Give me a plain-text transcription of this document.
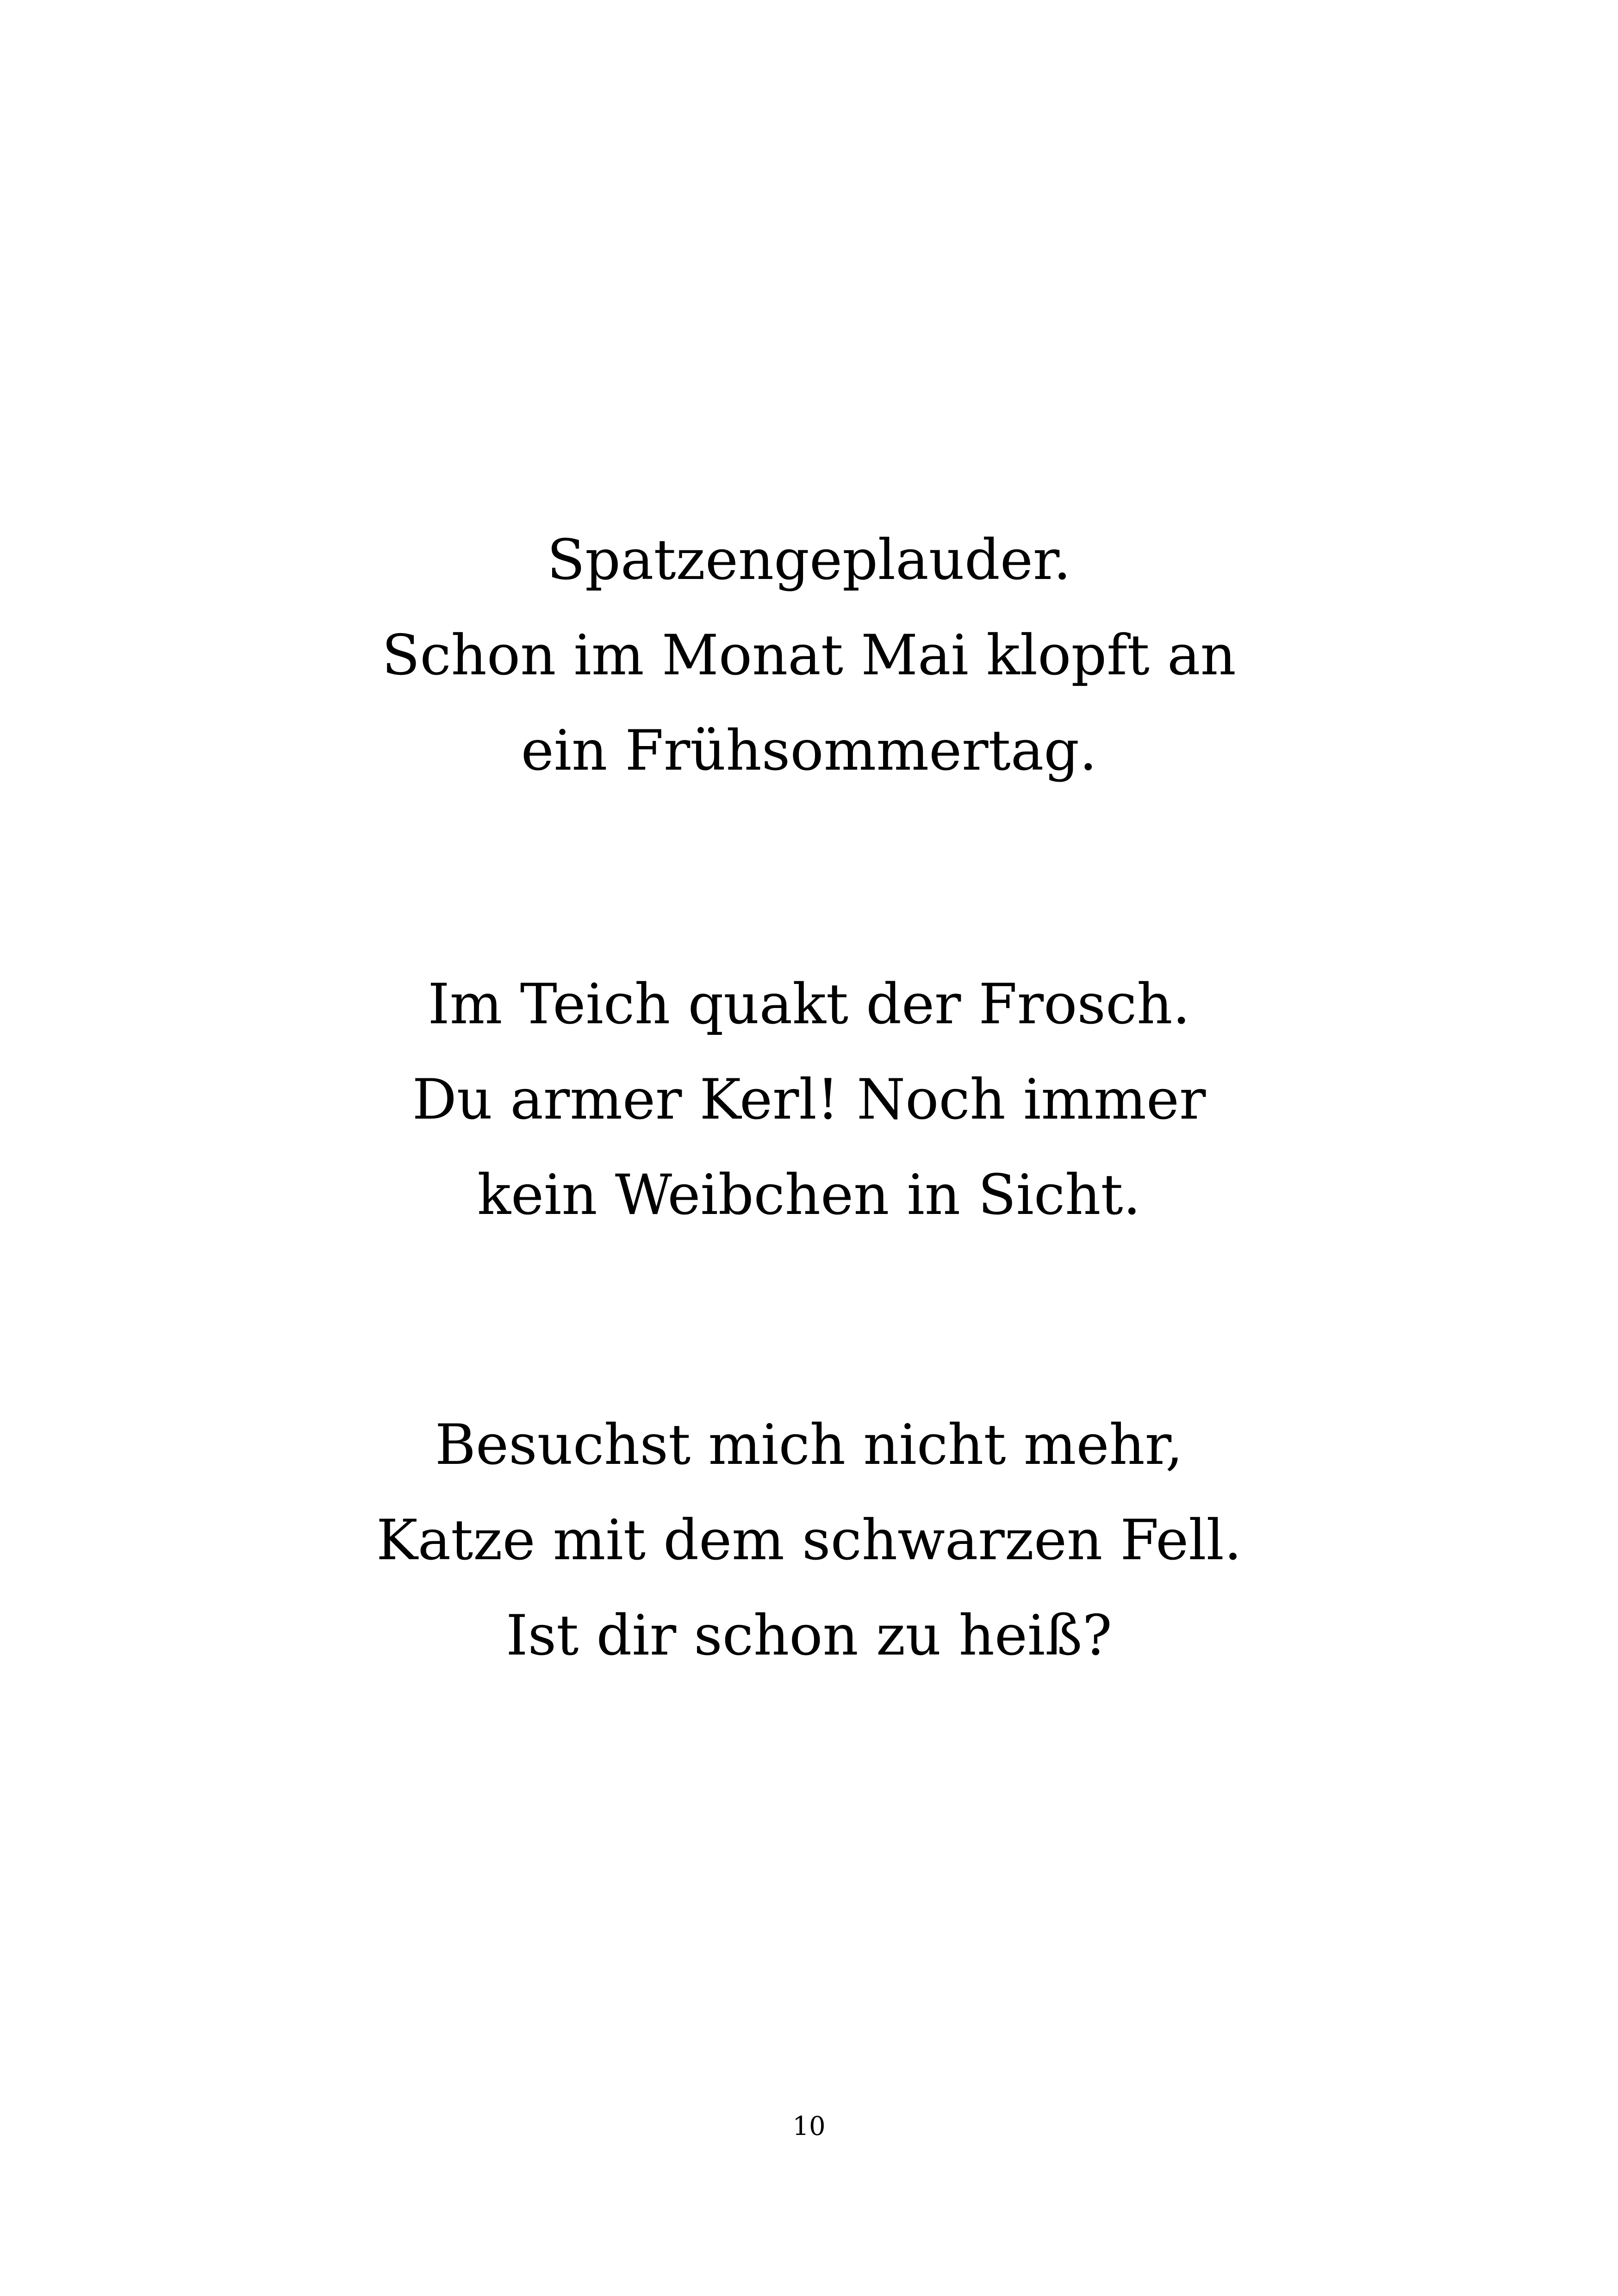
Spatzengeplauder.
Schon im Monat Mai klopft an
ein Frühsommertag.
Im Teich quakt der Frosch.
Du armer Kerl! Noch immer
kein Weibchen in Sicht.
Besuchst mich nicht mehr,
Katze mit dem schwarzen Fell.
Ist dir schon zu heiß?
10
